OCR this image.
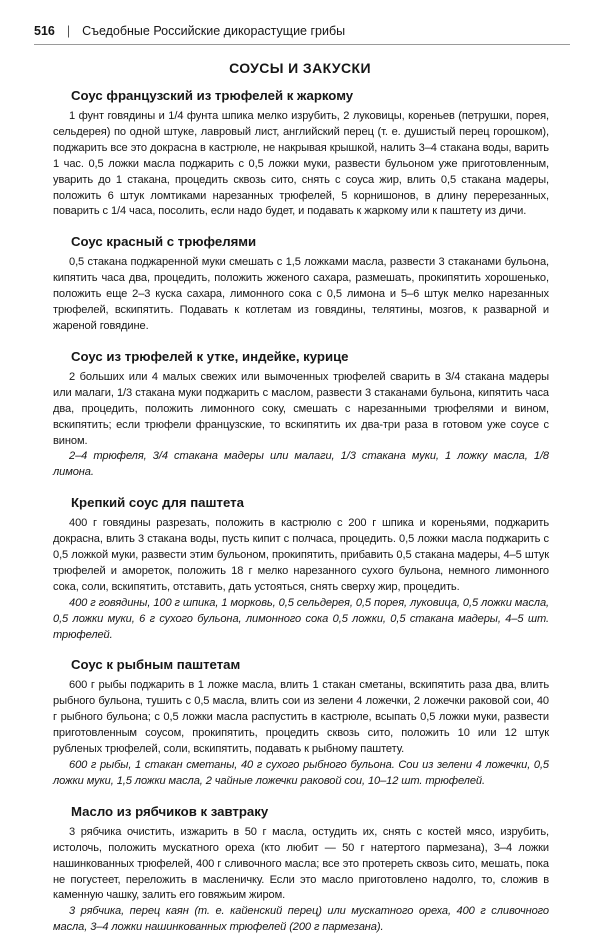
516 | Съедобные Российские дикорастущие грибы
СОУСЫ И ЗАКУСКИ
Соус французский из трюфелей к жаркому

1 фунт говядины и 1/4 фунта шпика мелко изрубить, 2 луковицы, кореньев (петрушки, порея, сельдерея) по одной штуке, лавровый лист, английский перец (т. е. душистый перец горошком), поджарить все это докрасна в кастрюле, не накрывая крышкой, налить 3–4 стакана воды, варить 1 час. 0,5 ложки масла поджарить с 0,5 ложки муки, развести бульоном уже приготовленным, уварить до 1 стакана, процедить сквозь сито, снять с соуса жир, влить 0,5 стакана мадеры, положить 6 штук ломтиками нарезанных трюфелей, 5 корнишонов, в длину перерезанных, поварить с 1/4 часа, посолить, если надо будет, и подавать к жаркому или к паштету из дичи.

Соус красный с трюфелями

0,5 стакана поджаренной муки смешать с 1,5 ложками масла, развести 3 стаканами бульона, кипятить часа два, процедить, положить жженого сахара, размешать, прокипятить хорошенько, положить еще 2–3 куска сахара, лимонного сока с 0,5 лимона и 5–6 штук мелко нарезанных трюфелей, вскипятить. Подавать к котлетам из говядины, телятины, мозгов, к разварной и жареной говядине.

Соус из трюфелей к утке, индейке, курице

2 больших или 4 малых свежих или вымоченных трюфелей сварить в 3/4 стакана мадеры или малаги, 1/3 стакана муки поджарить с маслом, развести 3 стаканами бульона, кипятить часа два, процедить, положить лимонного соку, смешать с нарезанными трюфелями и вином, вскипятить; если трюфели французские, то вскипятить их два-три раза в готовом уже соусе с вином.

2–4 трюфеля, 3/4 стакана мадеры или малаги, 1/3 стакана муки, 1 ложку масла, 1/8 лимона.

Крепкий соус для паштета

400 г говядины разрезать, положить в кастрюлю с 200 г шпика и кореньями, поджарить докрасна, влить 3 стакана воды, пусть кипит с полчаса, процедить. 0,5 ложки масла поджарить с 0,5 ложкой муки, развести этим бульоном, прокипятить, прибавить 0,5 стакана мадеры, 4–5 штук трюфелей и аморeток, положить 18 г мелко нарезанного сухого бульона, немного лимонного сока, соли, вскипятить, отставить, дать устояться, снять сверху жир, процедить.

400 г говядины, 100 г шпика, 1 морковь, 0,5 сельдерея, 0,5 порея, луковица, 0,5 ложки масла, 0,5 ложки муки, 6 г сухого бульона, лимонного сока 0,5 ложки, 0,5 стакана мадеры, 4–5 шт. трюфелей.

Соус к рыбным паштетам

600 г рыбы поджарить в 1 ложке масла, влить 1 стакан сметаны, вскипятить раза два, влить рыбного бульона, тушить с 0,5 масла, влить сои из зелени 4 ложечки, 2 ложечки раковой сои, 40 г рыбного бульона; с 0,5 ложки масла распустить в кастрюле, всыпать 0,5 ложки муки, развести приготовленным соусом, прокипятить, процедить сквозь сито, положить 10 или 12 штук рубленых трюфелей, соли, вскипятить, подавать к рыбному паштету.

600 г рыбы, 1 стакан сметаны, 40 г сухого рыбного бульона. Сои из зелени 4 ложечки, 0,5 ложки муки, 1,5 ложки масла, 2 чайные ложечки раковой сои, 10–12 шт. трюфелей.

Масло из рябчиков к завтраку

3 рябчика очистить, изжарить в 50 г масла, остудить их, снять с костей мясо, изрубить, истолочь, положить мускатного ореха (кто любит — 50 г натертого пармезана), 3–4 ложки нашинкованных трюфелей, 400 г сливочного масла; все это протереть сквозь сито, мешать, пока не погустеет, переложить в масленичку. Если это масло приготовлено надолго, то, сложив в каменную чашку, залить его говяжьим жиром.

3 рябчика, перец каян (т. е. кайенский перец) или мускатного ореха, 400 г сливочного масла, 3–4 ложки нашинкованных трюфелей (200 г пармезана).
